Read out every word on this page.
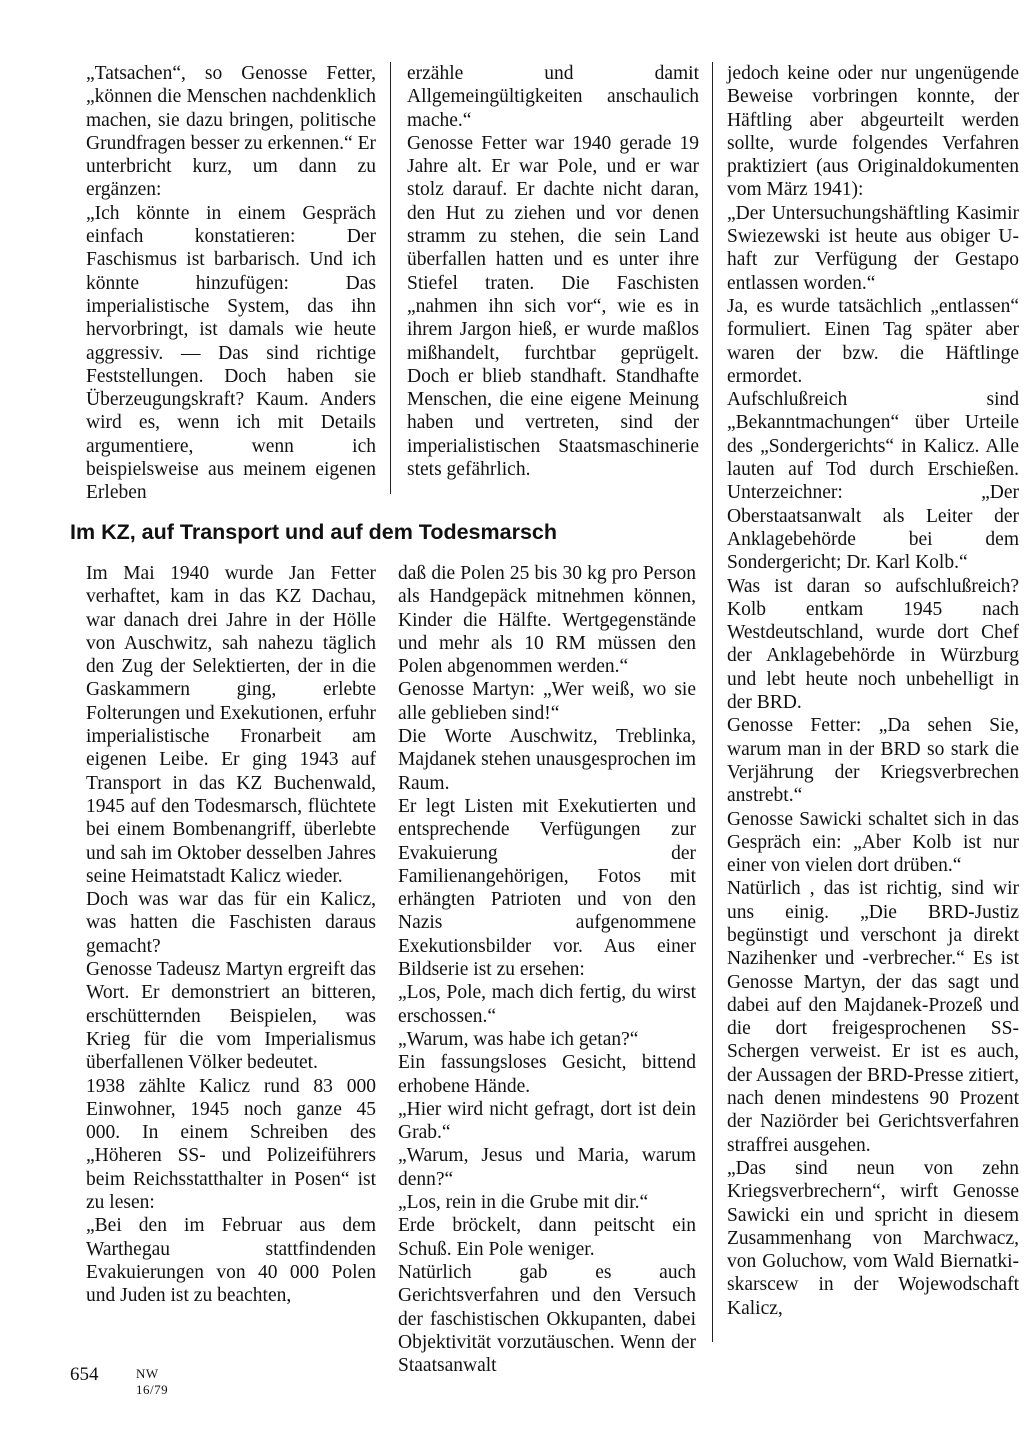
„Tatsachen“, so Genosse Fetter, „können die Menschen nachdenklich machen, sie dazu bringen, politische Grundfragen besser zu erkennen.“ Er unterbricht kurz, um dann zu ergänzen:

„Ich könnte in einem Gespräch einfach konstatieren: Der Faschismus ist barbarisch. Und ich könnte hinzufügen: Das imperialistische System, das ihn hervorbringt, ist damals wie heute aggressiv. — Das sind richtige Feststellungen. Doch haben sie Überzeugungskraft? Kaum. Anders wird es, wenn ich mit Details argumentiere, wenn ich beispielsweise aus meinem eigenen Erleben

erzähle und damit Allgemeingültigkeiten anschaulich mache.“

Genosse Fetter war 1940 gerade 19 Jahre alt. Er war Pole, und er war stolz darauf. Er dachte nicht daran, den Hut zu ziehen und vor denen stramm zu stehen, die sein Land überfallen hatten und es unter ihre Stiefel traten. Die Faschisten „nahmen ihn sich vor“, wie es in ihrem Jargon hieß, er wurde maßlos mißhandelt, furchtbar geprügelt. Doch er blieb standhaft. Standhafte Menschen, die eine eigene Meinung haben und vertreten, sind der imperialistischen Staatsmaschinerie stets gefährlich.

Im KZ, auf Transport und auf dem Todesmarsch

Im Mai 1940 wurde Jan Fetter verhaftet, kam in das KZ Dachau, war danach drei Jahre in der Hölle von Auschwitz, sah nahezu täglich den Zug der Selektierten, der in die Gaskammern ging, erlebte Folterungen und Exekutionen, erfuhr imperialistische Fronarbeit am eigenen Leibe. Er ging 1943 auf Transport in das KZ Buchenwald, 1945 auf den Todesmarsch, flüchtete bei einem Bombenangriff, überlebte und sah im Oktober desselben Jahres seine Heimatstadt Kalicz wieder.

Doch was war das für ein Kalicz, was hatten die Faschisten daraus gemacht?

Genosse Tadeusz Martyn ergreift das Wort. Er demonstriert an bitteren, erschütternden Beispielen, was Krieg für die vom Imperialismus überfallenen Völker bedeutet.

1938 zählte Kalicz rund 83 000 Einwohner, 1945 noch ganze 45 000. In einem Schreiben des „Höheren SS- und Polizeiführers beim Reichsstatthalter in Posen“ ist zu lesen:

„Bei den im Februar aus dem Warthegau stattfindenden Evakuierungen von 40 000 Polen und Juden ist zu beachten,

daß die Polen 25 bis 30 kg pro Person als Handgepäck mitnehmen können, Kinder die Hälfte. Wertgegenstände und mehr als 10 RM müssen den Polen abgenommen werden.“

Genosse Martyn: „Wer weiß, wo sie alle geblieben sind!“

Die Worte Auschwitz, Treblinka, Majdanek stehen unausgesprochen im Raum.

Er legt Listen mit Exekutierten und entsprechende Verfügungen zur Evakuierung der Familienangehörigen, Fotos mit erhängten Patrioten und von den Nazis aufgenommene Exekutionsbilder vor. Aus einer Bildserie ist zu ersehen:

„Los, Pole, mach dich fertig, du wirst erschossen.“

„Warum, was habe ich getan?“

Ein fassungsloses Gesicht, bittend erhobene Hände.

„Hier wird nicht gefragt, dort ist dein Grab.“

„Warum, Jesus und Maria, warum denn?“

„Los, rein in die Grube mit dir.“

Erde bröckelt, dann peitscht ein Schuß. Ein Pole weniger.

Natürlich gab es auch Gerichtsverfahren und den Versuch der faschistischen Okkupanten, dabei Objektivität vorzutäuschen. Wenn der Staatsanwalt

jedoch keine oder nur ungenügende Beweise vorbringen konnte, der Häftling aber abgeurteilt werden sollte, wurde folgendes Verfahren praktiziert (aus Originaldokumenten vom März 1941):

„Der Untersuchungshäftling Kasimir Swiezewski ist heute aus obiger U-haft zur Verfügung der Gestapo entlassen worden.“

Ja, es wurde tatsächlich „entlassen“ formuliert. Einen Tag später aber waren der bzw. die Häftlinge ermordet.

Aufschlußreich sind „Bekanntmachungen“ über Urteile des „Sondergerichts“ in Kalicz. Alle lauten auf Tod durch Erschießen. Unterzeichner: „Der Oberstaatsanwalt als Leiter der Anklagebehörde bei dem Sondergericht; Dr. Karl Kolb.“

Was ist daran so aufschlußreich? Kolb entkam 1945 nach Westdeutschland, wurde dort Chef der Anklagebehörde in Würzburg und lebt heute noch unbehelligt in der BRD.

Genosse Fetter: „Da sehen Sie, warum man in der BRD so stark die Verjährung der Kriegsverbrechen anstrebt.“

Genosse Sawicki schaltet sich in das Gespräch ein: „Aber Kolb ist nur einer von vielen dort drüben.“

Natürlich , das ist richtig, sind wir uns einig. „Die BRD-Justiz begünstigt und verschont ja direkt Nazihenker und -verbrecher.“ Es ist Genosse Martyn, der das sagt und dabei auf den Majdanek-Prozeß und die dort freigesprochenen SS-Schergen verweist. Er ist es auch, der Aussagen der BRD-Presse zitiert, nach denen mindestens 90 Prozent der Naziörder bei Gerichtsverfahren straffrei ausgehen.

„Das sind neun von zehn Kriegsverbrechern“, wirft Genosse Sawicki ein und spricht in diesem Zusammenhang von Marchwacz, von Goluchow, vom Wald Biernatki-skarscew in der Wojewodschaft Kalicz,

654	NW 16/79
